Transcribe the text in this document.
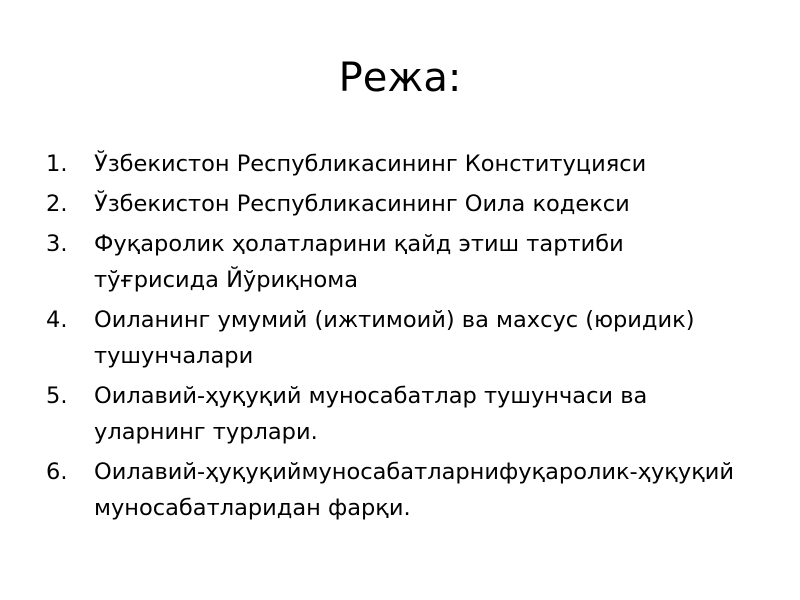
Режа:
1. Ўзбекистон Республикасининг Конституцияси
2. Ўзбекистон Республикасининг Оила кодекси
3. Фуқаролик ҳолатларини қайд этиш тартиби тўғрисида Йўриқнома
4. Оиланинг умумий (ижтимоий) ва махсус (юридик) тушунчалари
5. Оилавий-ҳуқуқий муносабатлар тушунчаси ва уларнинг турлари.
6. Оилавий-ҳуқуқиймуносабатларнифуқаролик-ҳуқуқий муносабатларидан фарқи.
